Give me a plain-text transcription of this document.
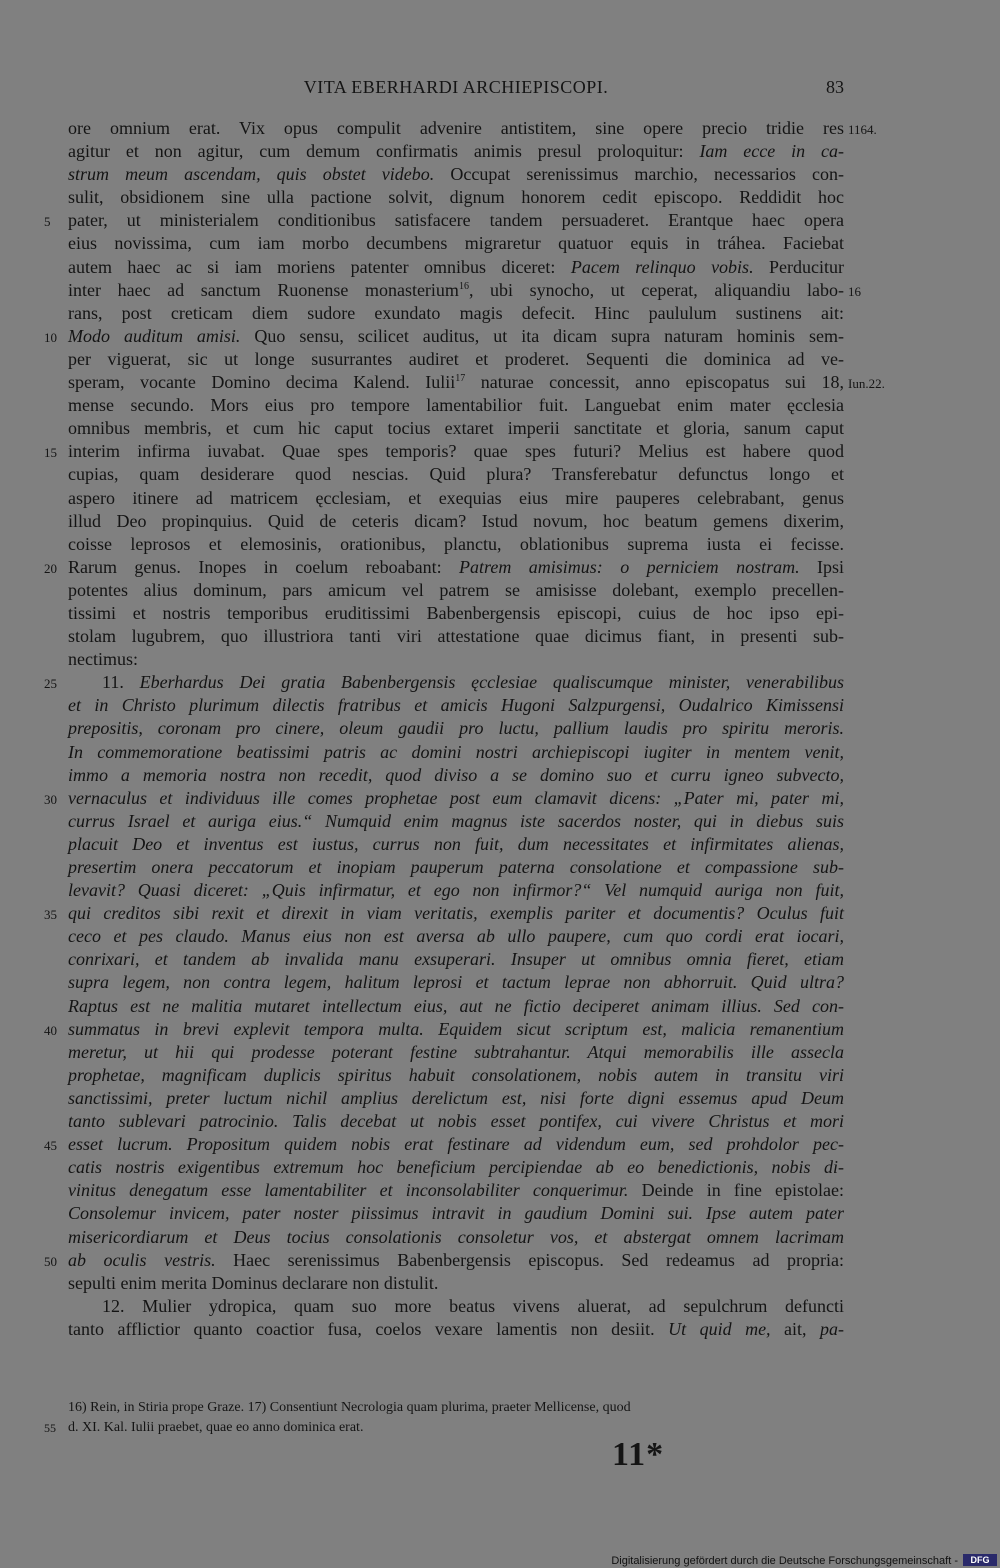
VITA EBERHARDI ARCHIEPISCOPI.	83
ore omnium erat. Vix opus compulit advenire antistitem, sine opere precio tridie res 1164.
agitur et non agitur, cum demum confirmatis animis presul proloquitur: Iam ecce in ca-
strum meum ascendam, quis obstet videbo. Occupat serenissimus marchio, necessarios con-
sulit, obsidionem sine ulla pactione solvit, dignum honorem cedit episcopo. Reddidit hoc
5 pater, ut ministerialem conditionibus satisfacere tandem persuaderet. Erantque haec opera
eius novissima, cum iam morbo decumbens migraretur quatuor equis in tráhea. Faciebat
autem haec ac si iam moriens patenter omnibus diceret: Pacem relinquo vobis. Perducitur
inter haec ad sanctum Ruonense monasterium$^{16}$, ubi synocho, ut ceperat, aliquandiu labo- 16
rans, post creticam diem sudore exundato magis defecit. Hinc paululum sustinens ait:
10 Modo auditum amisi. Quo sensu, scilicet auditus, ut ita dicam supra naturam hominis sem-
per viguerat, sic ut longe susurrantes audiret et proderet. Sequenti die dominica ad ve-
speram, vocante Domino decima Kalend. Iulii$^{17}$ naturae concessit, anno episcopatus sui 18, Iun.22.
mense secundo. Mors eius pro tempore lamentabilior fuit. Languebat enim mater ęcclesia
omnibus membris, et cum hic caput tocius extaret imperii sanctitate et gloria, sanum caput
15 interim infirma iuvabat. Quae spes temporis? quae spes futuri? Melius est habere quod
cupias, quam desiderare quod nescias. Quid plura? Transferebatur defunctus longo et
aspero itinere ad matricem ęcclesiam, et exequias eius mire pauperes celebrabant, genus
illud Deo propinquius. Quid de ceteris dicam? Istud novum, hoc beatum gemens dixerim,
coisse leprosos et elemosinis, orationibus, planctu, oblationibus suprema iusta ei fecisse.
20 Rarum genus. Inopes in coelum reboabant: Patrem amisimus: o perniciem nostram. Ipsi
potentes alius dominum, pars amicum vel patrem se amisisse dolebant, exemplo precellen-
tissimi et nostris temporibus eruditissimi Babenbergensis episcopi, cuius de hoc ipso epi-
stolam lugubrem, quo illustriora tanti viri attestatione quae dicimus fiant, in presenti sub-
nectimus:
25	11. Eberhardus Dei gratia Babenbergensis ęcclesiae qualiscumque minister, venerabilibus
et in Christo plurimum dilectis fratribus et amicis Hugoni Salzpurgensi, Oudalrico Kimissensi
prepositis, coronam pro cinere, oleum gaudii pro luctu, pallium laudis pro spiritu meroris.
In commemoratione beatissimi patris ac domini nostri archiepiscopi iugiter in mentem venit,
immo a memoria nostra non recedit, quod diviso a se domino suo et curru igneo subvecto,
30 vernaculus et individuus ille comes prophetae post eum clamavit dicens: „Pater mi, pater mi,
currus Israel et auriga eius.“ Numquid enim magnus iste sacerdos noster, qui in diebus suis
placuit Deo et inventus est iustus, currus non fuit, dum necessitates et infirmitates alienas,
presertim onera peccatorum et inopiam pauperum paterna consolatione et compassione sub-
levavit? Quasi diceret: „Quis infirmatur, et ego non infirmor?“ Vel numquid auriga non fuit,
35 qui creditos sibi rexit et direxit in viam veritatis, exemplis pariter et documentis? Oculus fuit
ceco et pes claudo. Manus eius non est aversa ab ullo paupere, cum quo cordi erat iocari,
conrixari, et tandem ab invalida manu exsuperari. Insuper ut omnibus omnia fieret, etiam
supra legem, non contra legem, halitum leprosi et tactum leprae non abhorruit. Quid ultra?
Raptus est ne malitia mutaret intellectum eius, aut ne fictio deciperet animam illius. Sed con-
40 summatus in brevi explevit tempora multa. Equidem sicut scriptum est, malicia remanentium
meretur, ut hii qui prodesse poterant festine subtrahantur. Atqui memorabilis ille assecla
prophetae, magnificam duplicis spiritus habuit consolationem, nobis autem in transitu viri
sanctissimi, preter luctum nichil amplius derelictum est, nisi forte digni essemus apud Deum
tanto sublevari patrocinio. Talis decebat ut nobis esset pontifex, cui vivere Christus et mori
45 esset lucrum. Propositum quidem nobis erat festinare ad videndum eum, sed prohdolor pec-
catis nostris exigentibus extremum hoc beneficium percipiendae ab eo benedictionis, nobis di-
vinitus denegatum esse lamentabiliter et inconsolabiliter conquerimur. Deinde in fine epistolae:
Consolemur invicem, pater noster piissimus intravit in gaudium Domini sui. Ipse autem pater
misericordiarum et Deus tocius consolationis consoletur vos, et abstergat omnem lacrimam
50 ab oculis vestris. Haec serenissimus Babenbergensis episcopus. Sed redeamus ad propria:
sepulti enim merita Dominus declarare non distulit.
12. Mulier ydropica, quam suo more beatus vivens aluerat, ad sepulchrum defuncti
tanto afflictior quanto coactior fusa, coelos vexare lamentis non desiit. Ut quid me, ait, pa-
16) Rein, in Stiria prope Graze. 17) Consentiunt Necrologia quam plurima, praeter Mellicense, quod
55 d. XI. Kal. Iulii praebet, quae eo anno dominica erat.
11*
Digitalisierung gefördert durch die Deutsche Forschungsgemeinschaft -	DFG
